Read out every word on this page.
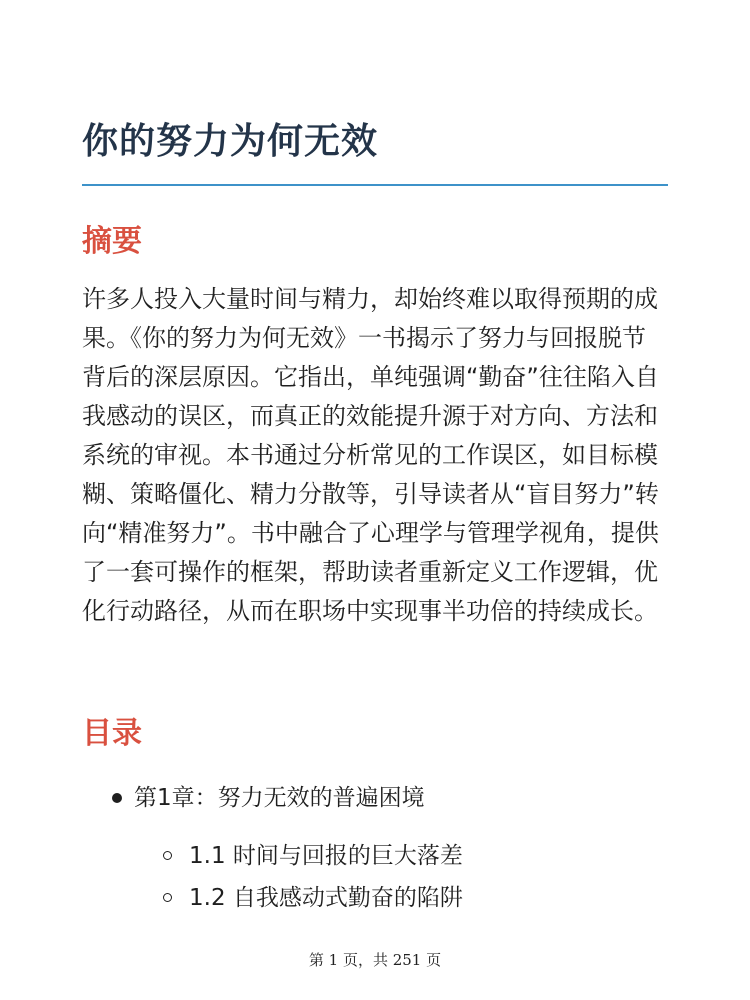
你的努力为何无效
摘要

许多人投入大量时间与精力，却始终难以取得预期的成果。《你的努力为何无效》一书揭示了努力与回报脱节背后的深层原因。它指出，单纯强调“勤奋”往往陷入自我感动的误区，而真正的效能提升源于对方向、方法和系统的审视。本书通过分析常见的工作误区，如目标模糊、策略僵化、精力分散等，引导读者从“盲目努力”转向“精准努力”。书中融合了心理学与管理学视角，提供了一套可操作的框架，帮助读者重新定义工作逻辑，优化行动路径，从而在职场中实现事半功倍的持续成长。

目录
第1章：努力无效的普遍困境
1.1 时间与回报的巨大落差
1.2 自我感动式勤奋的陷阱
第 1 页，共 251 页
